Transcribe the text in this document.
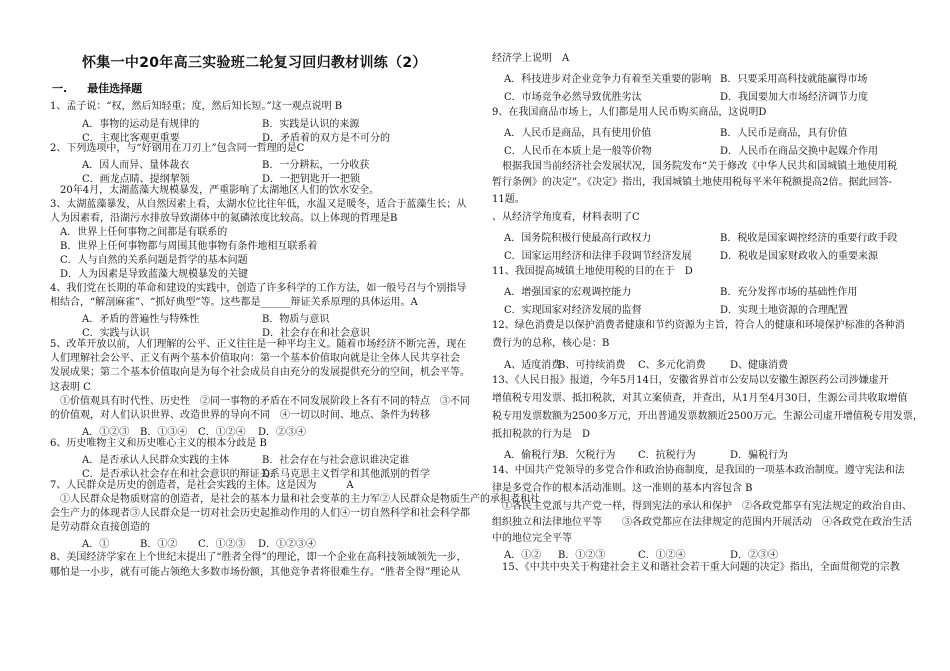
怀集一中20年高三实验班二轮复习回归教材训练（2）
一. 最佳选择题
1、孟子说：“权，然后知轻重；度，然后知长短。”这一观点说明 B
A．事物的运动是有规律的	B．实践是认识的来源
C．主观比客观更重要	D．矛盾着的双方是不可分的
2、下列选项中，与“好钢用在刀刃上”包含同一哲理的是C
A．因人而异、量体裁衣	B．一分耕耘，一分收获
C．画龙点睛、提纲挈领	D．一把钥匙开一把锁
　20年4月，太湖蓝藻大规模暴发，严重影响了太湖地区人们的饮水安全。
3、太湖蓝藻暴发，从自然因素上看，太湖水位比往年低，水温又是暖冬，适合于蓝藻生长；从
人为因素看，沿湖污水排放导致湖体中的氮磷浓度比较高。以上体现的哲理是B
　A．世界上任何事物之间都是有联系的
　B．世界上任何事物都与周围其他事物有条件地相互联系着
　C．人与自然的关系问题是哲学的基本问题
　D．人为因素是导致蓝藻大规模暴发的关键
4、我们党在长期的革命和建设的实践中，创造了许多科学的工作方法，如一般号召与个别指导
相结合，“解剖麻雀”、“抓好典型”等。这些都是______辩证关系原理的具体运用。A
A．矛盾的普遍性与特殊性	B．物质与意识
C．实践与认识	D．社会存在和社会意识
5、改革开放以前，人们理解的公平、正义往往是一种平均主义。随着市场经济不断完善，现在
人们理解社会公平、正义有两个基本价值取向：第一个基本价值取向就是让全体人民共享社会
发展成果；第二个基本价值取向是为每个社会成员自由充分的发展提供充分的空间，机会平等。
这表明 C
　①价值观具有时代性、历史性　②同一事物的矛盾在不同发展阶段上各有不同的特点　③不同
的价值观，对人们认识世界、改造世界的导向不同　④一切以时间、地点、条件为转移
A．①②③ B．①③④ C．①②④ D．②③④
6、历史唯物主义和历史唯心主义的根本分歧是 B
A．是否承认人民群众实践的主体	B．社会存在与社会意识谁决定谁
C．是否承认社会存在和社会意识的辩证关系
D．马克思主义哲学和其他派别的哲学
7、人民群众是历史的创造者，是社会实践的主体。这是因为　　　A
　①人民群众是物质财富的创造者，是社会的基本力量和社会变革的主力军②人民群众是物质生产的承担者和社
会生产力的体现者③人民群众是一切对社会历史起推动作用的人们④一切自然科学和社会科学都
是劳动群众直接创造的
A．①	B．①② C．①②③ D．①②③④
8、美国经济学家在上个世纪末提出了“胜者全得”的理论，即一个企业在高科技领域领先一步，
哪怕是一小步，就有可能占领绝大多数市场份额，其他竞争者将很难生存。“胜者全得”理论从
经济学上说明　A
A．科技进步对企业竞争力有着至关重要的影响 B．只要采用高科技就能赢得市场
C．市场竞争必然导致优胜劣汰	D．我国要加大市场经济调节力度
9、在我国商品市场上，人们都是用人民币购买商品，这说明D
A．人民币是商品，具有使用价值	B．人民币是商品，具有价值
C．人民币在本质上是一般等价物	D．人民币在商品交换中起媒介作用
　根据我国当前经济社会发展状况，国务院发布“关于修改《中华人民共和国城镇土地使用税
暂行条例》的决定”。《决定》指出，我国城镇土地使用税每平米年税额提高2倍。据此回答-
11题。
、从经济学角度看，材料表明了C
A．国务院积极行使最高行政权力	B．税收是国家调控经济的重要行政手段
C．国家运用经济和法律手段调节经济发展	D．税收是国家财政收入的重要来源
11、我国提高城镇土地使用税的目的在于　D
A．增强国家的宏观调控能力	B．充分发挥市场的基础性作用
C．实现国家对经济发展的监督	D．实现土地资源的合理配置
12、绿色消费是以保护消费者健康和节约资源为主旨，符合人的健康和环境保护标准的各种消
费行为的总称，核心是：B
A、适度消费
B、可持续消费 C、多元化消费 D、健康消费
13、《人民日报》报道，今年5月14日，安徽省界首市公安局以安徽生源医药公司涉嫌虚开
增值税专用发票、抵扣税款，对其立案侦查，并查出，从1月至4月30日，生源公司共收取增值
税专用发票数额为2500多万元，开出普通发票数额近2500万元。生源公司虚开增值税专用发票，
抵扣税款的行为是　D
A．偷税行为
B．欠税行为 C．抗税行为	D．骗税行为
14、中国共产党领导的多党合作和政治协商制度，是我国的一项基本政治制度。遵守宪法和法
律是多党合作的根本活动准则。这一准则的基本内容包含 B
　①各民主党派与共产党一样，得到宪法的承认和保护　②各政党都享有宪法规定的政治自由、
组织独立和法律地位平等　　③各政党都应在法律规定的范围内开展活动　④各政党在政治生活
中的地位完全平等
A．①② B．①②③	C．①②④	D．②③④
　15、《中共中央关于构建社会主义和谐社会若干重大问题的决定》指出，全面贯彻党的宗教
